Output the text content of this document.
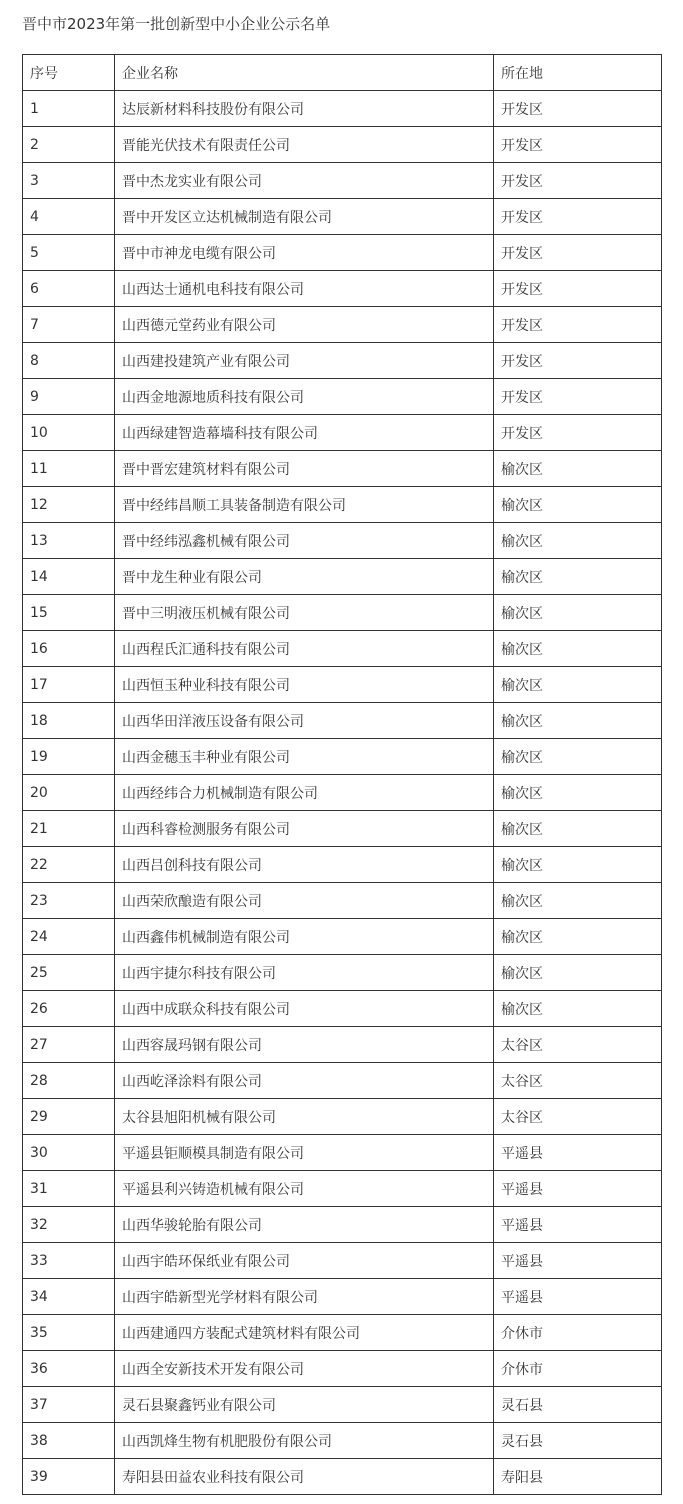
晋中市2023年第一批创新型中小企业公示名单
序号	企业名称	所在地
1	达辰新材料科技股份有限公司	开发区
2	晋能光伏技术有限责任公司	开发区
3	晋中杰龙实业有限公司	开发区
4	晋中开发区立达机械制造有限公司	开发区
5	晋中市神龙电缆有限公司	开发区
6	山西达士通机电科技有限公司	开发区
7	山西德元堂药业有限公司	开发区
8	山西建投建筑产业有限公司	开发区
9	山西金地源地质科技有限公司	开发区
10	山西绿建智造幕墙科技有限公司	开发区
11	晋中晋宏建筑材料有限公司	榆次区
12	晋中经纬昌顺工具装备制造有限公司	榆次区
13	晋中经纬泓鑫机械有限公司	榆次区
14	晋中龙生种业有限公司	榆次区
15	晋中三明液压机械有限公司	榆次区
16	山西程氏汇通科技有限公司	榆次区
17	山西恒玉种业科技有限公司	榆次区
18	山西华田洋液压设备有限公司	榆次区
19	山西金穗玉丰种业有限公司	榆次区
20	山西经纬合力机械制造有限公司	榆次区
21	山西科睿检测服务有限公司	榆次区
22	山西吕创科技有限公司	榆次区
23	山西荣欣酿造有限公司	榆次区
24	山西鑫伟机械制造有限公司	榆次区
25	山西宇捷尔科技有限公司	榆次区
26	山西中成联众科技有限公司	榆次区
27	山西容晟玛钢有限公司	太谷区
28	山西屹泽涂料有限公司	太谷区
29	太谷县旭阳机械有限公司	太谷区
30	平遥县钜顺模具制造有限公司	平遥县
31	平遥县利兴铸造机械有限公司	平遥县
32	山西华骏轮胎有限公司	平遥县
33	山西宇皓环保纸业有限公司	平遥县
34	山西宇皓新型光学材料有限公司	平遥县
35	山西建通四方装配式建筑材料有限公司	介休市
36	山西全安新技术开发有限公司	介休市
37	灵石县聚鑫钙业有限公司	灵石县
38	山西凯烽生物有机肥股份有限公司	灵石县
39	寿阳县田益农业科技有限公司	寿阳县
